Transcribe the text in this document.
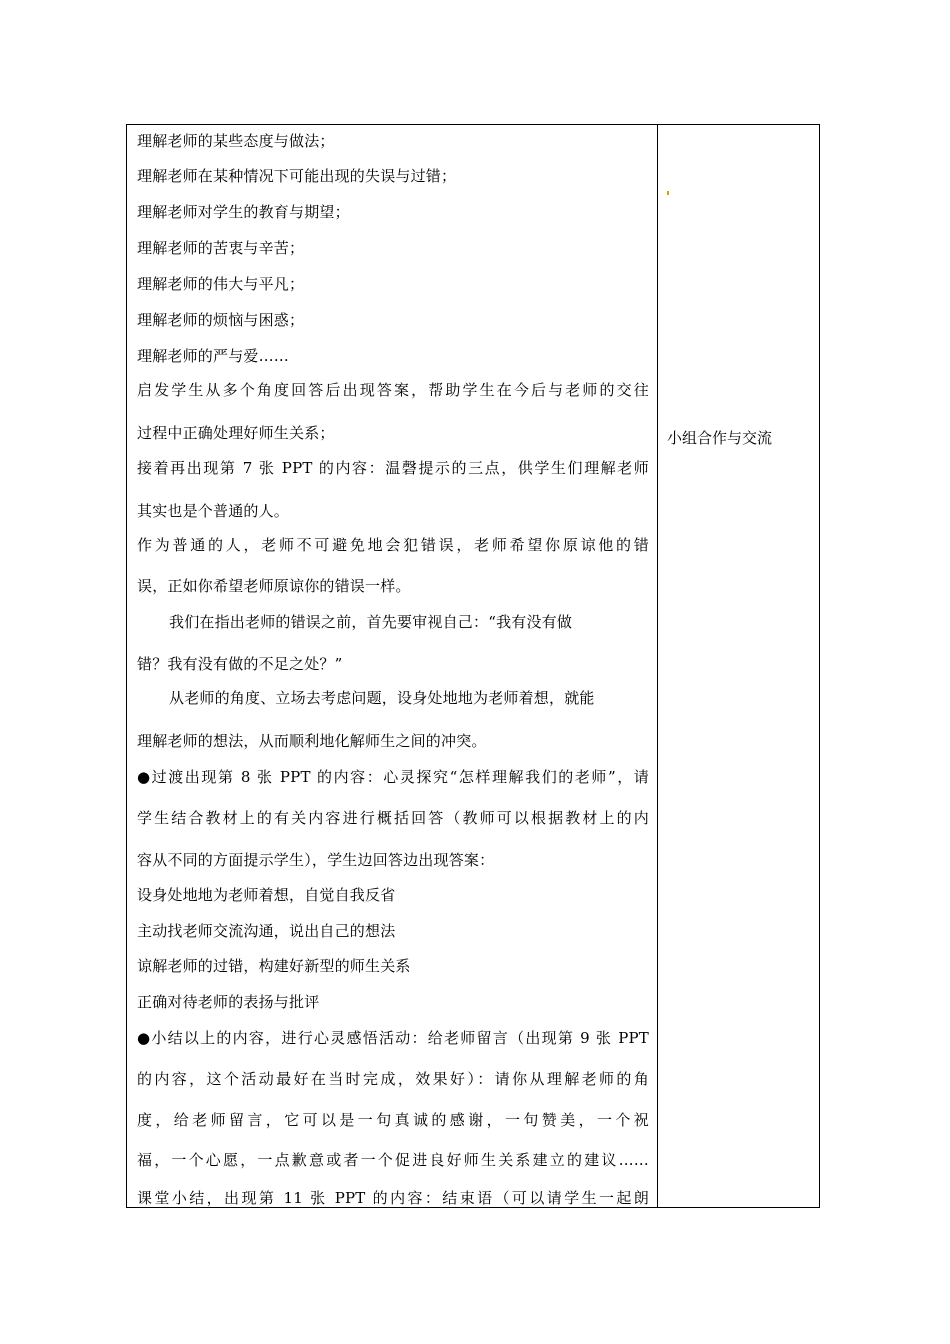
理解老师的某些态度与做法；
理解老师在某种情况下可能出现的失误与过错；
理解老师对学生的教育与期望；
理解老师的苦衷与辛苦；
理解老师的伟大与平凡；
理解老师的烦恼与困惑；
理解老师的严与爱……
启发学生从多个角度回答后出现答案，帮助学生在今后与老师的交往
过程中正确处理好师生关系；
接着再出现第 7 张 PPT 的内容：温磬提示的三点，供学生们理解老师
其实也是个普通的人。
作为普通的人，老师不可避免地会犯错误，老师希望你原谅他的错
误，正如你希望老师原谅你的错误一样。
我们在指出老师的错误之前，首先要审视自己：“我有没有做
错？我有没有做的不足之处？”
从老师的角度、立场去考虑问题，设身处地地为老师着想，就能
理解老师的想法，从而顺利地化解师生之间的冲突。
●过渡出现第 8 张 PPT 的内容：心灵探究“怎样理解我们的老师”，请
学生结合教材上的有关内容进行概括回答（教师可以根据教材上的内
容从不同的方面提示学生），学生边回答边出现答案：
设身处地地为老师着想，自觉自我反省
主动找老师交流沟通，说出自己的想法
谅解老师的过错，构建好新型的师生关系
正确对待老师的表扬与批评
●小结以上的内容，进行心灵感悟活动：给老师留言（出现第 9 张 PPT
的内容，这个活动最好在当时完成，效果好）：请你从理解老师的角
度，给老师留言，它可以是一句真诚的感谢，一句赞美，一个祝
福，一个心愿，一点歉意或者一个促进良好师生关系建立的建议……
课堂小结，出现第 11 张 PPT 的内容：结束语（可以请学生一起朗
小组合作与交流
